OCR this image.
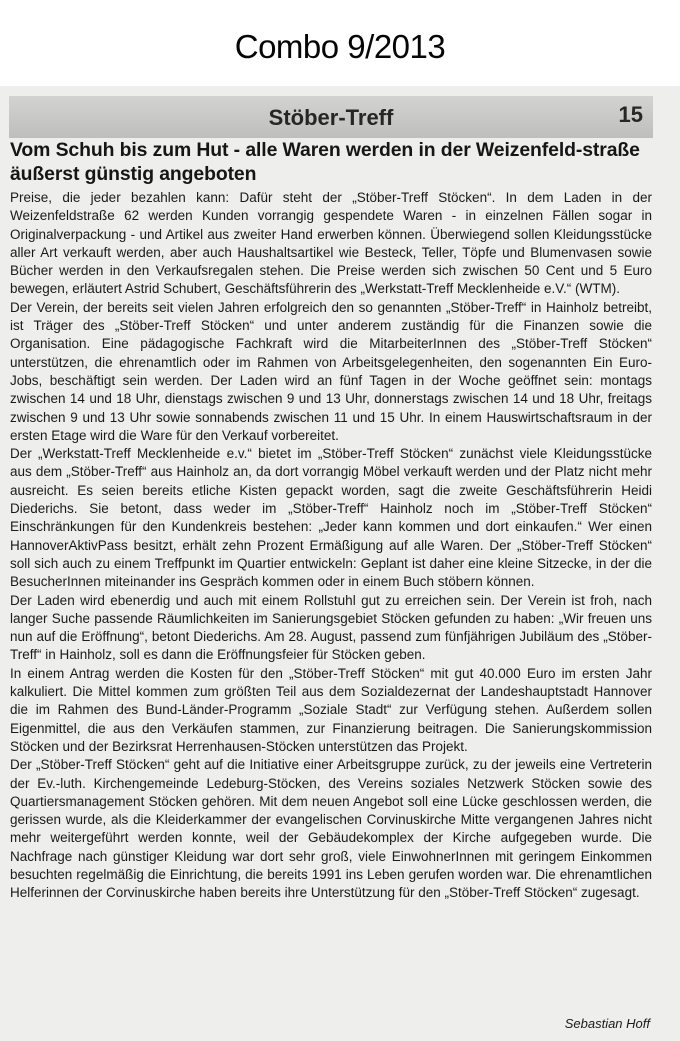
Combo 9/2013
Stöber-Treff	15
Vom Schuh bis zum Hut - alle Waren werden in der Weizenfeld-straße äußerst günstig angeboten

Preise, die jeder bezahlen kann: Dafür steht der „Stöber-Treff Stöcken“. In dem Laden in der Weizenfeldstraße 62 werden Kunden vorrangig gespendete Waren - in einzelnen Fällen sogar in Originalverpackung - und Artikel aus zweiter Hand erwerben können. Überwiegend sollen Kleidungsstücke aller Art verkauft werden, aber auch Haushaltsartikel wie Besteck, Teller, Töpfe und Blumenvasen sowie Bücher werden in den Verkaufsregalen stehen. Die Preise werden sich zwischen 50 Cent und 5 Euro bewegen, erläutert Astrid Schubert, Geschäftsführerin des „Werkstatt-Treff Mecklenheide e.V.“ (WTM).

Der Verein, der bereits seit vielen Jahren erfolgreich den so genannten „Stöber-Treff“ in Hainholz betreibt, ist Träger des „Stöber-Treff Stöcken“ und unter anderem zuständig für die Finanzen sowie die Organisation. Eine pädagogische Fachkraft wird die MitarbeiterInnen des „Stöber-Treff Stöcken“ unterstützen, die ehrenamtlich oder im Rahmen von Arbeitsgelegenheiten, den sogenannten Ein Euro-Jobs, beschäftigt sein werden. Der Laden wird an fünf Tagen in der Woche geöffnet sein: montags zwischen 14 und 18 Uhr, dienstags zwischen 9 und 13 Uhr, donnerstags zwischen 14 und 18 Uhr, freitags zwischen 9 und 13 Uhr sowie sonnabends zwischen 11 und 15 Uhr. In einem Hauswirtschaftsraum in der ersten Etage wird die Ware für den Verkauf vorbereitet.

Der „Werkstatt-Treff Mecklenheide e.v.“ bietet im „Stöber-Treff Stöcken“ zunächst viele Kleidungsstücke aus dem „Stöber-Treff“ aus Hainholz an, da dort vorrangig Möbel verkauft werden und der Platz nicht mehr ausreicht. Es seien bereits etliche Kisten gepackt worden, sagt die zweite Geschäftsführerin Heidi Diederichs. Sie betont, dass weder im „Stöber-Treff“ Hainholz noch im „Stöber-Treff Stöcken“ Einschränkungen für den Kundenkreis bestehen: „Jeder kann kommen und dort einkaufen.“ Wer einen HannoverAktivPass besitzt, erhält zehn Prozent Ermäßigung auf alle Waren. Der „Stöber-Treff Stöcken“ soll sich auch zu einem Treffpunkt im Quartier entwickeln: Geplant ist daher eine kleine Sitzecke, in der die BesucherInnen miteinander ins Gespräch kommen oder in einem Buch stöbern können.

Der Laden wird ebenerdig und auch mit einem Rollstuhl gut zu erreichen sein. Der Verein ist froh, nach langer Suche passende Räumlichkeiten im Sanierungsgebiet Stöcken gefunden zu haben: „Wir freuen uns nun auf die Eröffnung“, betont Diederichs. Am 28. August, passend zum fünfjährigen Jubiläum des „Stöber-Treff“ in Hainholz, soll es dann die Eröffnungsfeier für Stöcken geben.

In einem Antrag werden die Kosten für den „Stöber-Treff Stöcken“ mit gut 40.000 Euro im ersten Jahr kalkuliert. Die Mittel kommen zum größten Teil aus dem Sozialdezernat der Landeshauptstadt Hannover die im Rahmen des Bund-Länder-Programm „Soziale Stadt“ zur Verfügung stehen. Außerdem sollen Eigenmittel, die aus den Verkäufen stammen, zur Finanzierung beitragen. Die Sanierungskommission Stöcken und der Bezirksrat Herrenhausen-Stöcken unterstützen das Projekt.

Der „Stöber-Treff Stöcken“ geht auf die Initiative einer Arbeitsgruppe zurück, zu der jeweils eine Vertreterin der Ev.-luth. Kirchengemeinde Ledeburg-Stöcken, des Vereins soziales Netzwerk Stöcken sowie des Quartiersmanagement Stöcken gehören. Mit dem neuen Angebot soll eine Lücke geschlossen werden, die gerissen wurde, als die Kleiderkammer der evangelischen Corvinuskirche Mitte vergangenen Jahres nicht mehr weitergeführt werden konnte, weil der Gebäudekomplex der Kirche aufgegeben wurde. Die Nachfrage nach günstiger Kleidung war dort sehr groß, viele EinwohnerInnen mit geringem Einkommen besuchten regelmäßig die Einrichtung, die bereits 1991 ins Leben gerufen worden war. Die ehrenamtlichen Helferinnen der Corvinuskirche haben bereits ihre Unterstützung für den „Stöber-Treff Stöcken“ zugesagt.

Sebastian Hoff
